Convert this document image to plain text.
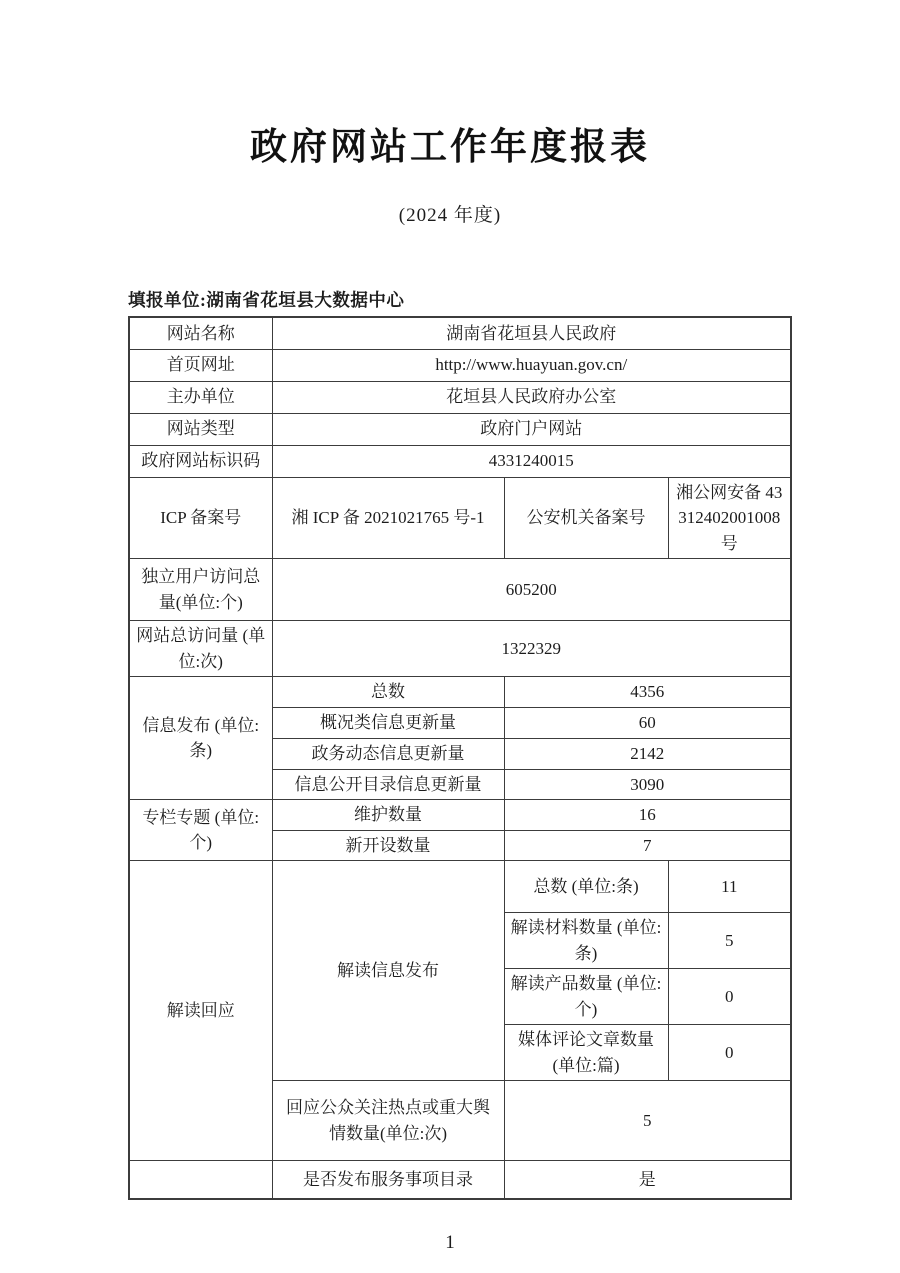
政府网站工作年度报表
(2024 年度)
填报单位:湖南省花垣县大数据中心
网站名称	湖南省花垣县人民政府		
首页网址	http://www.huayuan.gov.cn/		
主办单位	花垣县人民政府办公室		
网站类型	政府门户网站		
政府网站标识码	4331240015		
ICP 备案号	湘 ICP 备 2021021765 号-1	公安机关备案号	湘公网安备 43312402001008 号
独立用户访问总量(单位:个)	605200		
网站总访问量 (单位:次)	1322329		
信息发布 (单位:条)	总数	4356	
	概况类信息更新量	60	
	政务动态信息更新量	2142	
	信息公开目录信息更新量	3090	
专栏专题 (单位:个)	维护数量	16	
	新开设数量	7	
解读回应	解读信息发布	总数 (单位:条)	11
		解读材料数量 (单位:条)	5
		解读产品数量 (单位:个)	0
		媒体评论文章数量 (单位:篇)	0
	回应公众关注热点或重大舆情数量(单位:次)	5	
	是否发布服务事项目录	是	
1
